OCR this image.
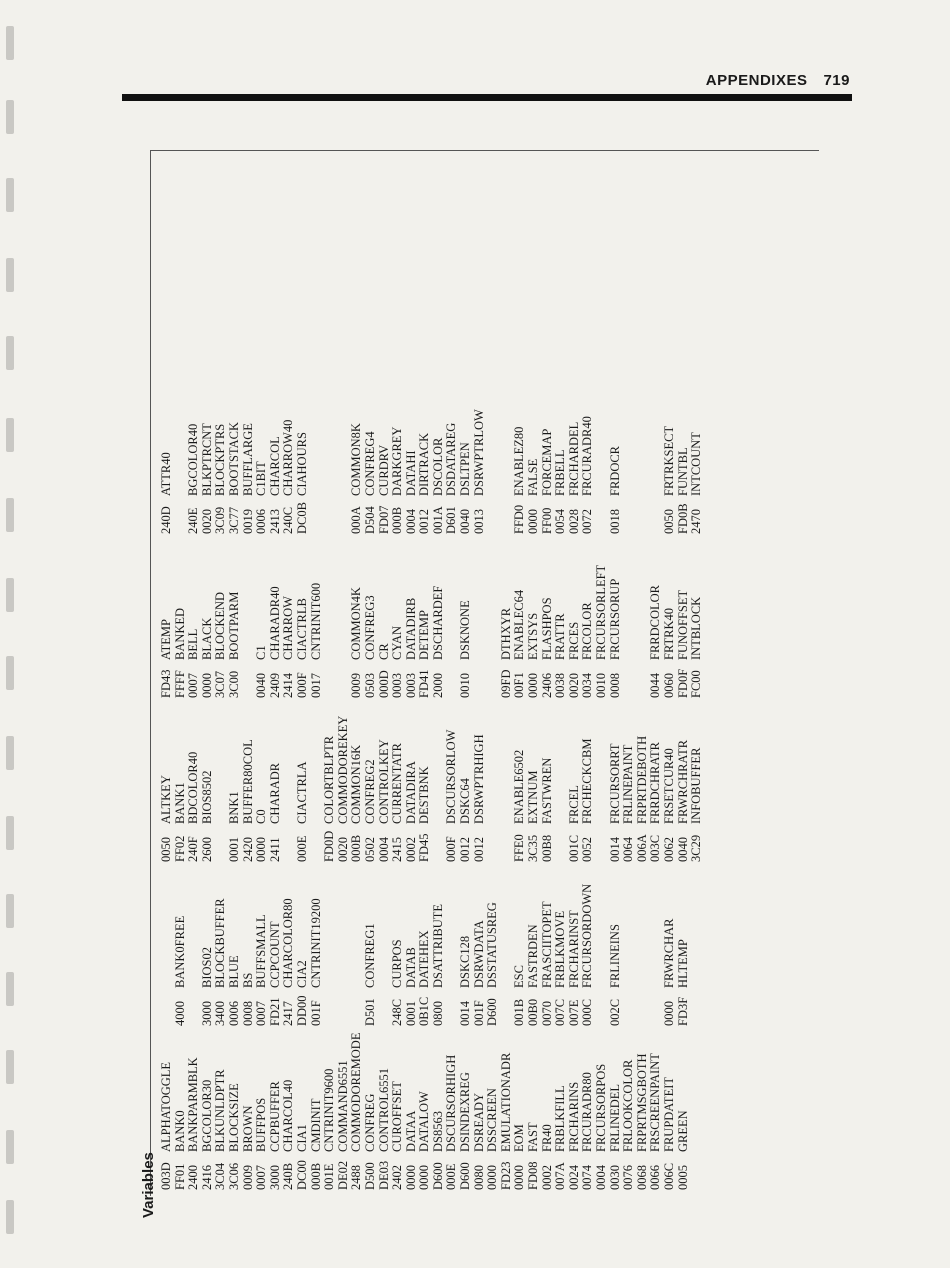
APPENDIXES 719
Variables 003D	ALPHATOGGLE			0050	ALTKEY	FD43	ATEMP	240D	ATTR40
FF01	BANK0	4000	BANK0FREE	FF02	BANK1	FFFF	BANKED		
2400	BANKPARMBLK			240F	BDCOLOR40	0007	BELL	240E	BGCOLOR40
2416	BGCOLOR30	3000	BIOS02	2600	BIOS8502	0000	BLACK	0020	BLKPTRCNT
3C04	BLKUNLDPTR	3400	BLOCKBUFFER			3C07	BLOCKEND	3C09	BLOCKPTRS
3C06	BLOCKSIZE	0006	BLUE	0001	BNK1	3C00	BOOTPARM	3C77	BOOTSTACK
0009	BROWN	0008	BS	2420	BUFFER80COL			0019	BUFFLARGE
0007	BUFFPOS	0007	BUFFSMALL	0000	C0	0040	C1	0006	C1BIT
3000	CCPBUFFER	FD21	CCPCOUNT	2411	CHARADR	2409	CHARADR40	2413	CHARCOL
240B	CHARCOL40	2417	CHARCOLOR80			2414	CHARROW	240C	CHARROW40
DC00	CIA1	DD00	CIA2	000E	CIACTRLA	000F	CIACTRLB	DC0B	CIAHOURS
000B	CMDINIT	001F	CNTRINIT19200			0017	CNTRINIT600		
001E	CNTRINIT9600			FD0D	COLORTBLPTR				
DE02	COMMAND6551			0020	COMMODOREKEY				
2488	COMMODOREMODE			000B	COMMON16K	0009	COMMON4K	000A	COMMON8K
D500	CONFREG	D501	CONFREG1	0502	CONFREG2	0503	CONFREG3	D504	CONFREG4
DE03	CONTROL6551			0004	CONTROLKEY	000D	CR	FD07	CURDRV
2402	CUROFFSET	248C	CURPOS	2415	CURRENTATR	0003	CYAN	000B	DARKGREY
0000	DATAA	0001	DATAB	0002	DATADIRA	0003	DATADIRB	0004	DATAHI
0000	DATALOW	0B1C	DATEHEX	FD45	DESTBNK	FD41	DETEMP	0012	DIRTRACK
D600	DS8563	0800	DSATTRIBUTE			2000	DSCHARDEF	001A	DSCOLOR
000E	DSCURSORHIGH			000F	DSCURSORLOW			D601	DSDATAREG
D600	DSINDEXREG	0014	DSKC128	0012	DSKC64	0010	DSKNONE	0040	DSLTPEN
0080	DSREADY	001F	DSRWDATA	0012	DSRWPTRHIGH			0013	DSRWPTRLOW
0000	DSSCREEN	D600	DSSTATUSREG						
FD23	EMULATIONADR					09FD	DTHXYR		
0000	EOM	001B	ESC	FFE0	ENABLE6502	00F1	ENABLEC64	FFD0	ENABLEZ80
FD08	FAST	00B0	FASTRDEN	3C35	EXTNUM	0000	EXTSYS	0000	FALSE
0002	FR40	0070	FRASCIITOPET	00B8	FASTWREN	2406	FLASHPOS	FF00	FORCEMAP
007A	FRBLKFILL	007C	FRBLKMOVE			0038	FRATTR	0054	FRBELL
0024	FRCHARINS	007E	FRCHARINST	001C	FRCEL	0020	FRCES	0028	FRCHARDEL
0074	FRCURADR80	000C	FRCURSORDOWN	0052	FRCHECKCBM	0034	FRCOLOR	0072	FRCURADR40
0004	FRCURSORPOS					0010	FRCURSORLEFT		
0030	FRLINEDEL	002C	FRLINEINS	0014	FRCURSORRT	0008	FRCURSORUP	0018	FRDOCR
0076	FRLOOKCOLOR			0064	FRLINEPAINT				
0068	FRPRTMSGBOTH			006A	FRPRTDEBOTH				
0066	FRSCREENPAINT			003C	FRRDCHRATR	0044	FRRDCOLOR		
006C	FRUPDATEIT	0000	FRWRCHAR	0062	FRSETCUR40	0060	FRTRK40	0050	FRTRKSECT
0005	GREEN	FD3F	HLTEMP	0040	FRWRCHRATR	FD0F	FUNOFFSET	FD0B	FUNTBL
				3C29	INFOBUFFER	FC00	INTBLOCK	2470	INTCOUNT
